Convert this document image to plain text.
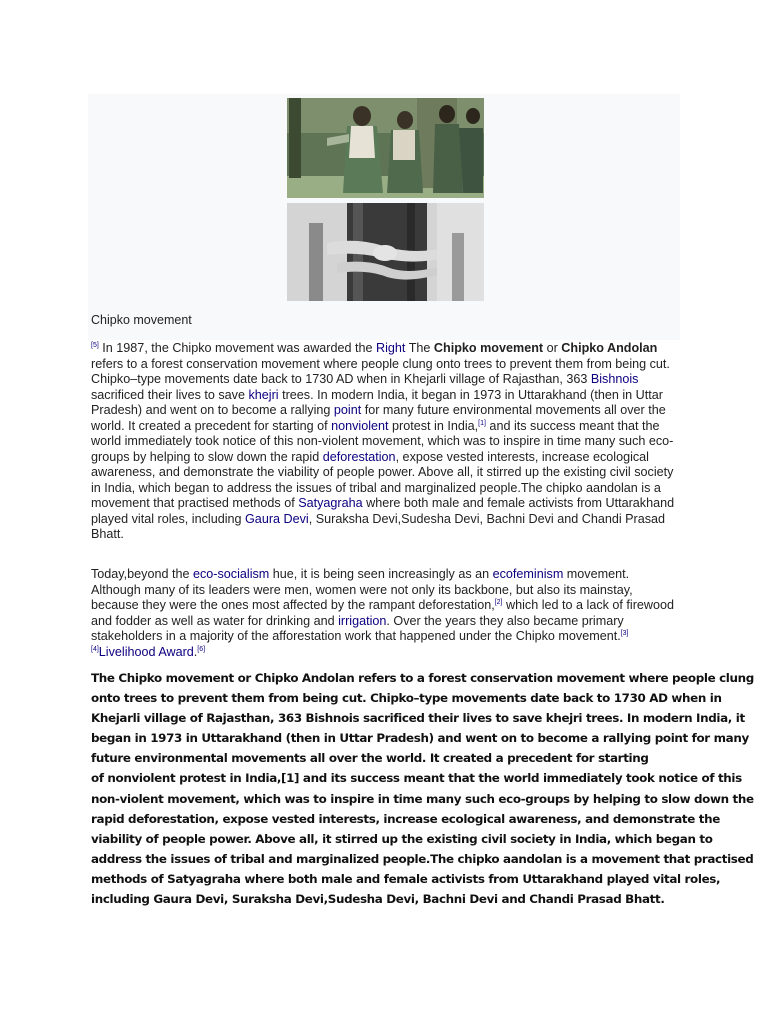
Chipko movement

[5] In 1987, the Chipko movement was awarded the Right The Chipko movement or Chipko Andolan refers to a forest conservation movement where people clung onto trees to prevent them from being cut. Chipko–type movements date back to 1730 AD when in Khejarli village of Rajasthan, 363 Bishnois sacrificed their lives to save khejri trees. In modern India, it began in 1973 in Uttarakhand (then in Uttar Pradesh) and went on to become a rallying point for many future environmental movements all over the world. It created a precedent for starting of nonviolent protest in India,[1] and its success meant that the world immediately took notice of this non-violent movement, which was to inspire in time many such eco-groups by helping to slow down the rapid deforestation, expose vested interests, increase ecological awareness, and demonstrate the viability of people power. Above all, it stirred up the existing civil society in India, which began to address the issues of tribal and marginalized people.The chipko aandolan is a movement that practised methods of Satyagraha where both male and female activists from Uttarakhand played vital roles, including Gaura Devi, Suraksha Devi,Sudesha Devi, Bachni Devi and Chandi Prasad Bhatt.

Today,beyond the eco-socialism hue, it is being seen increasingly as an ecofeminism movement. Although many of its leaders were men, women were not only its backbone, but also its mainstay, because they were the ones most affected by the rampant deforestation,[2] which led to a lack of firewood and fodder as well as water for drinking and irrigation. Over the years they also became primary stakeholders in a majority of the afforestation work that happened under the Chipko movement.[3][4]Livelihood Award.[6]

The Chipko movement or Chipko Andolan refers to a forest conservation movement where people clung
onto trees to prevent them from being cut. Chipko–type movements date back to 1730 AD when in
Khejarli village of Rajasthan, 363 Bishnois sacrificed their lives to save khejri trees. In modern India, it
began in 1973 in Uttarakhand (then in Uttar Pradesh) and went on to become a rallying point for many
future environmental movements all over the world. It created a precedent for starting
of nonviolent protest in India,[1] and its success meant that the world immediately took notice of this
non-violent movement, which was to inspire in time many such eco-groups by helping to slow down the
rapid deforestation, expose vested interests, increase ecological awareness, and demonstrate the
viability of people power. Above all, it stirred up the existing civil society in India, which began to
address the issues of tribal and marginalized people.The chipko aandolan is a movement that practised
methods of Satyagraha where both male and female activists from Uttarakhand played vital roles,
including Gaura Devi, Suraksha Devi,Sudesha Devi, Bachni Devi and Chandi Prasad Bhatt.
